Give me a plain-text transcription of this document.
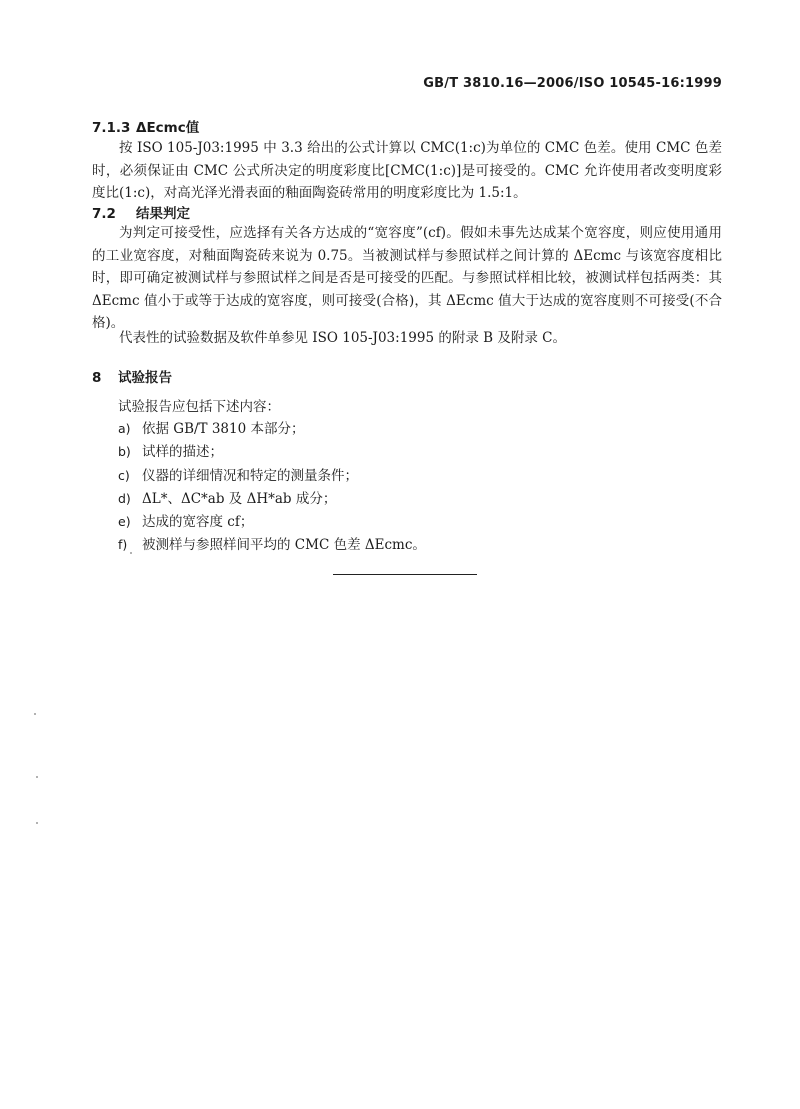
GB/T 3810.16—2006/ISO 10545-16:1999
7.1.3 ΔEcmc值

按 ISO 105-J03:1995 中 3.3 给出的公式计算以 CMC(1:c)为单位的 CMC 色差。使用 CMC 色差时，必须保证由 CMC 公式所决定的明度彩度比[CMC(1:c)]是可接受的。CMC 允许使用者改变明度彩度比(1:c)，对高光泽光滑表面的釉面陶瓷砖常用的明度彩度比为 1.5:1。

7.2 结果判定

为判定可接受性，应选择有关各方达成的“宽容度”(cf)。假如未事先达成某个宽容度，则应使用通用的工业宽容度，对釉面陶瓷砖来说为 0.75。当被测试样与参照试样之间计算的 ΔEcmc 与该宽容度相比时，即可确定被测试样与参照试样之间是否是可接受的匹配。与参照试样相比较，被测试样包括两类：其 ΔEcmc 值小于或等于达成的宽容度，则可接受(合格)，其 ΔEcmc 值大于达成的宽容度则不可接受(不合格)。

代表性的试验数据及软件单参见 ISO 105-J03:1995 的附录 B 及附录 C。

8 试验报告
试验报告应包括下述内容：
a) 依据 GB/T 3810 本部分；
b) 试样的描述；
c) 仪器的详细情况和特定的测量条件；
d) ΔL*、ΔC*ab 及 ΔH*ab 成分；
e) 达成的宽容度 cf；
f) 被测样与参照样间平均的 CMC 色差 ΔEcmc。
